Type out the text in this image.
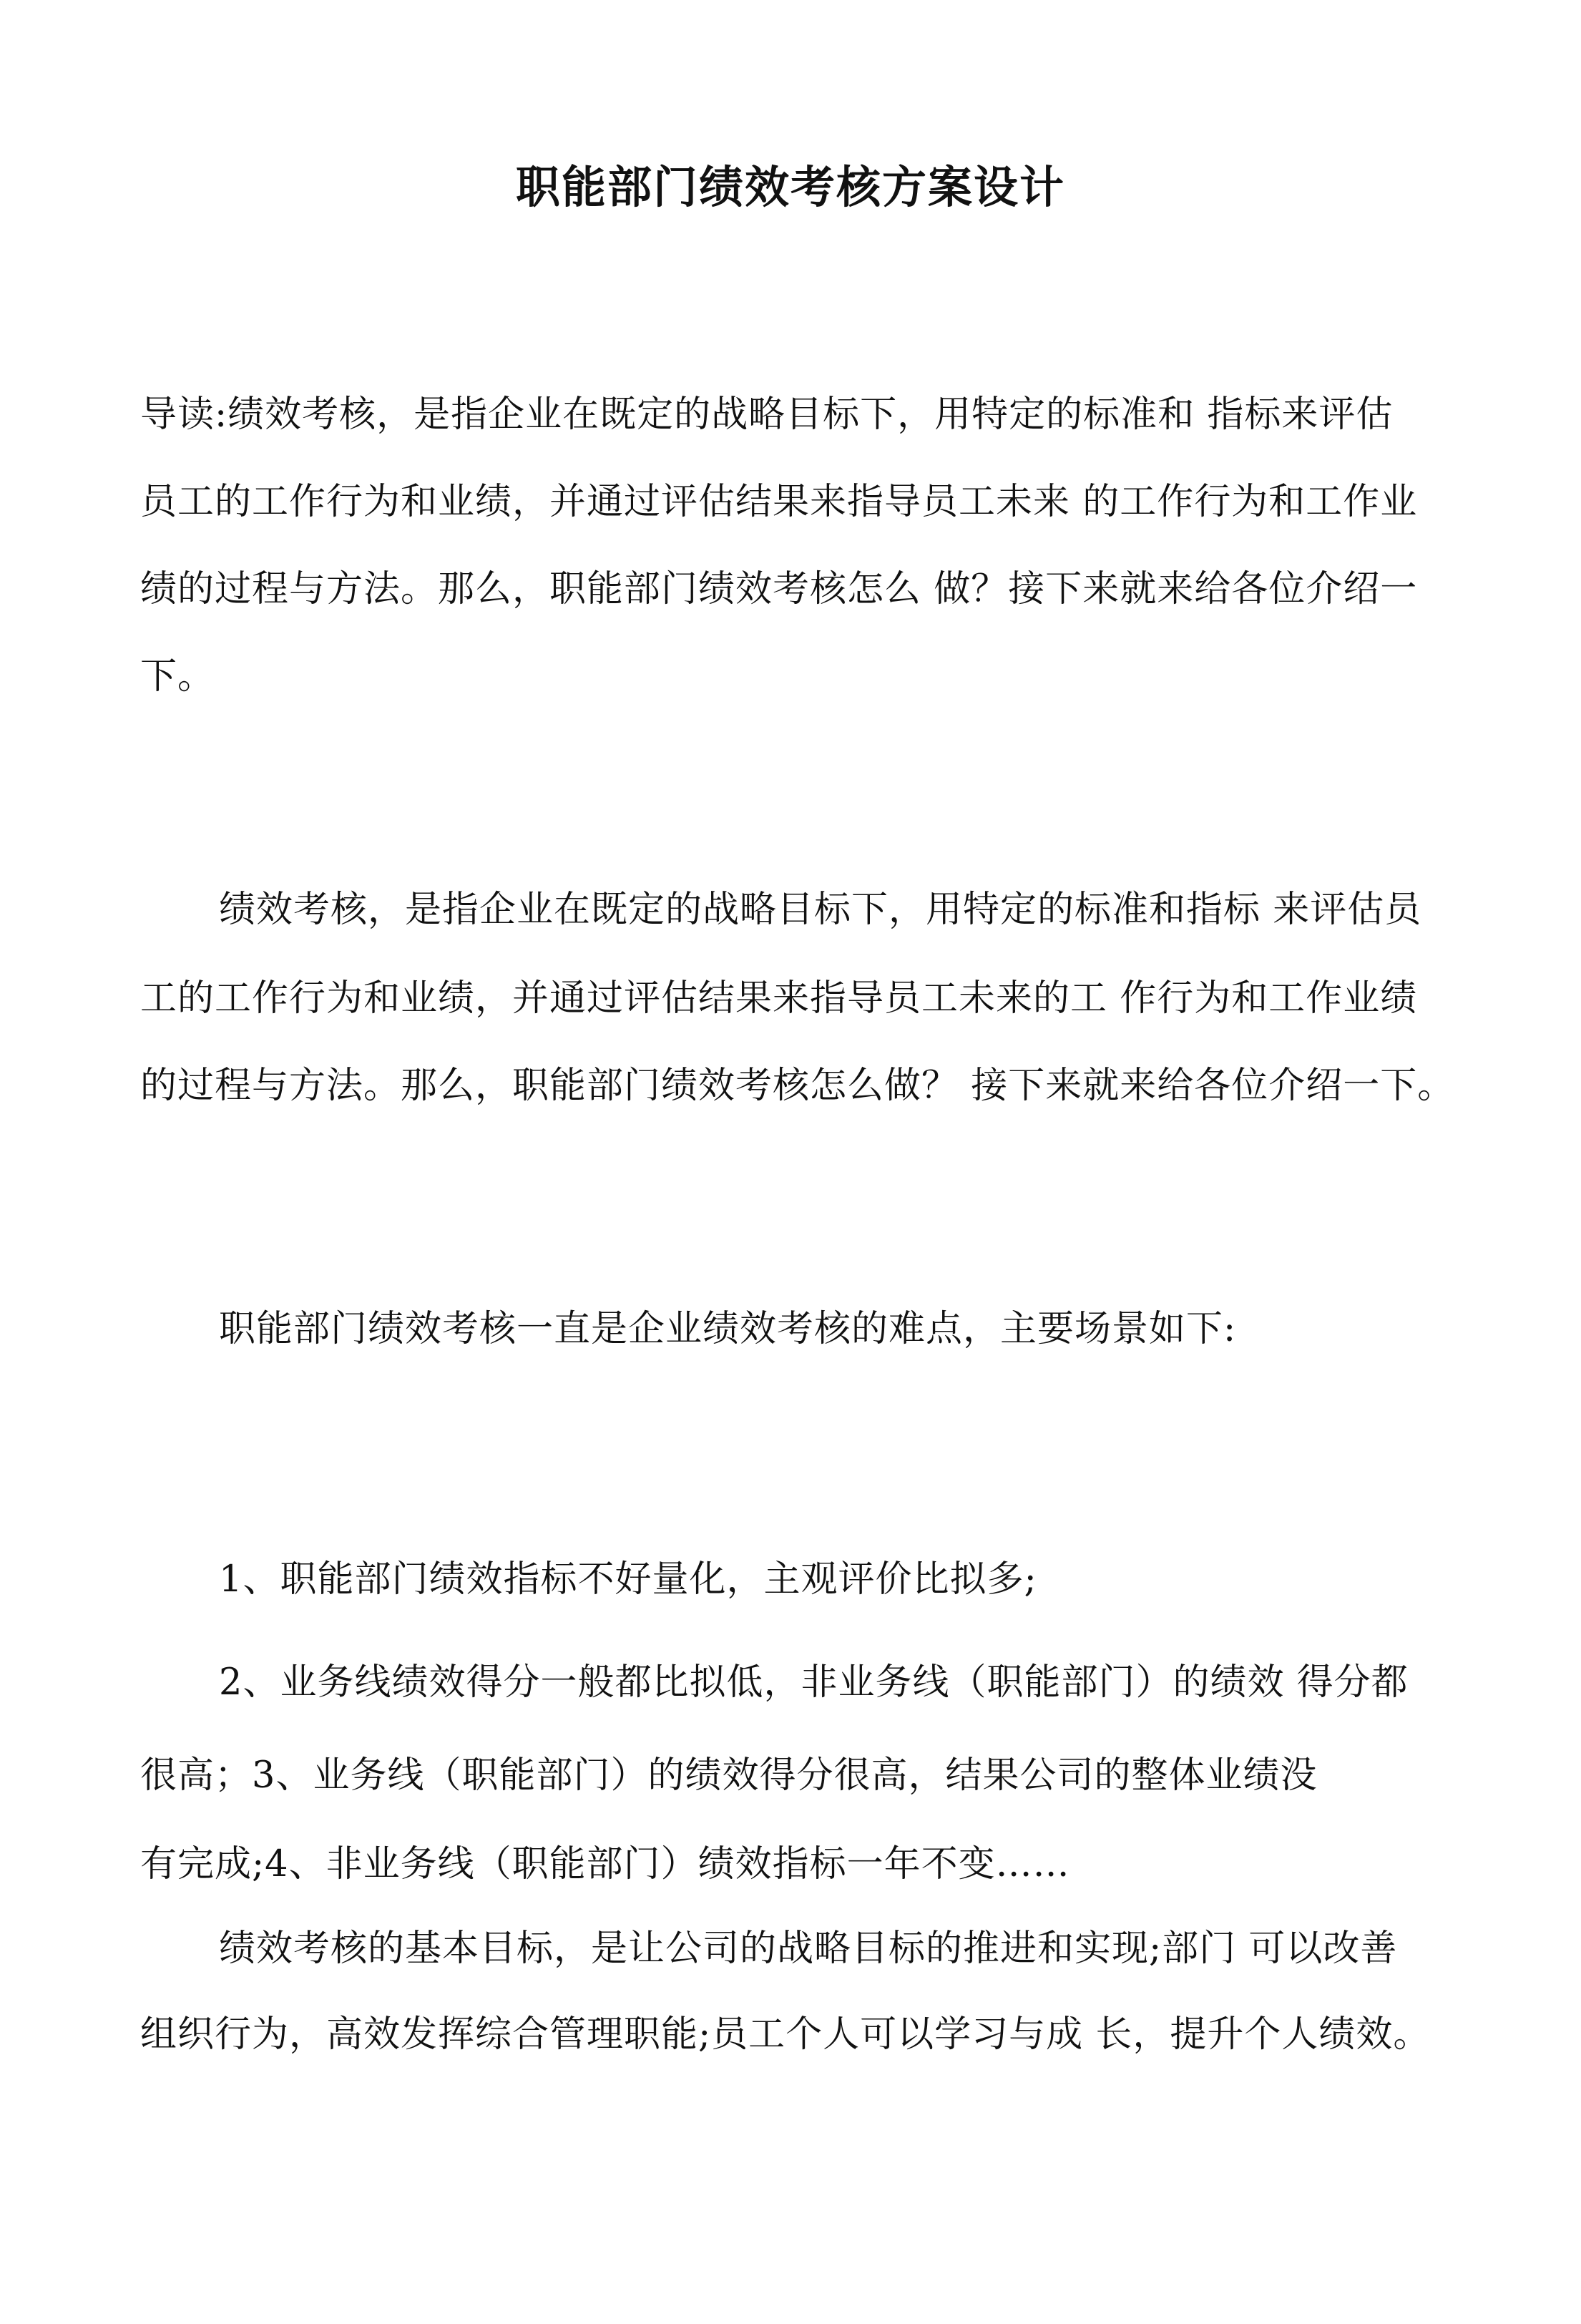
职能部门绩效考核方案设计
导读:绩效考核，是指企业在既定的战略目标下，用特定的标准和 指标来评估
员工的工作行为和业绩，并通过评估结果来指导员工未来 的工作行为和工作业
绩的过程与方法。那么，职能部门绩效考核怎么 做？接下来就来给各位介绍一
下。
绩效考核，是指企业在既定的战略目标下，用特定的标准和指标 来评估员
工的工作行为和业绩，并通过评估结果来指导员工未来的工 作行为和工作业绩
的过程与方法。那么，职能部门绩效考核怎么做？ 接下来就来给各位介绍一下。
职能部门绩效考核一直是企业绩效考核的难点，主要场景如下:
1、职能部门绩效指标不好量化，主观评价比拟多;
2、业务线绩效得分一般都比拟低，非业务线（职能部门）的绩效 得分都
很高；3、业务线（职能部门）的绩效得分很高，结果公司的整体业绩没
有完成;4、非业务线（职能部门）绩效指标一年不变……
绩效考核的基本目标，是让公司的战略目标的推进和实现;部门 可以改善
组织行为，高效发挥综合管理职能;员工个人可以学习与成 长，提升个人绩效。
